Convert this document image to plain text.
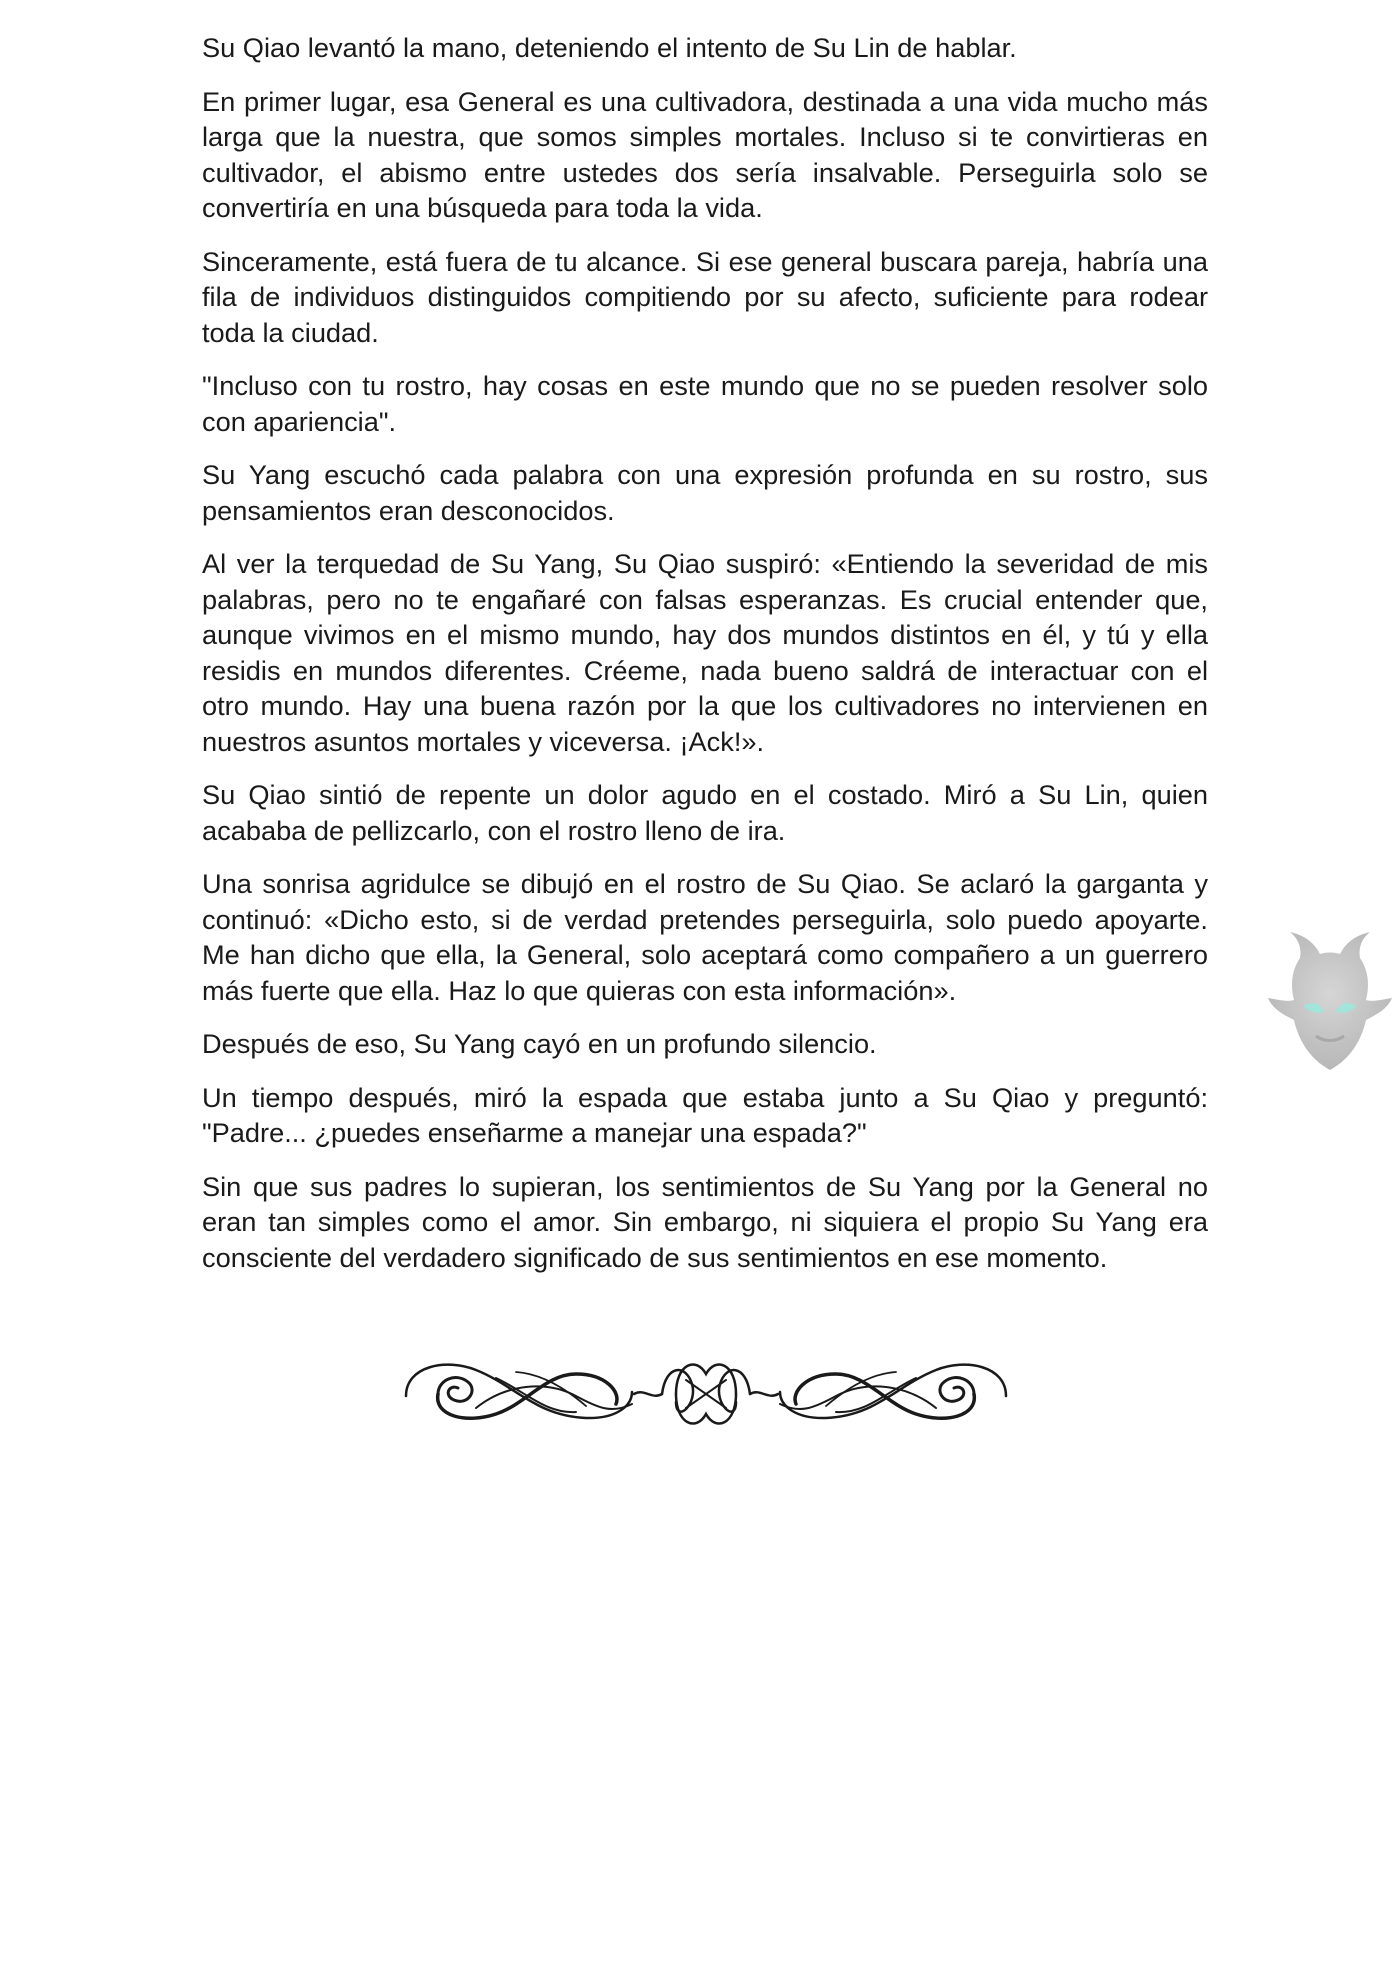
Su Qiao levantó la mano, deteniendo el intento de Su Lin de hablar.

En primer lugar, esa General es una cultivadora, destinada a una vida mucho más larga que la nuestra, que somos simples mortales. Incluso si te convirtieras en cultivador, el abismo entre ustedes dos sería insalvable. Perseguirla solo se convertiría en una búsqueda para toda la vida.

Sinceramente, está fuera de tu alcance. Si ese general buscara pareja, habría una fila de individuos distinguidos compitiendo por su afecto, suficiente para rodear toda la ciudad.

"Incluso con tu rostro, hay cosas en este mundo que no se pueden resolver solo con apariencia".

Su Yang escuchó cada palabra con una expresión profunda en su rostro, sus pensamientos eran desconocidos.

Al ver la terquedad de Su Yang, Su Qiao suspiró: «Entiendo la severidad de mis palabras, pero no te engañaré con falsas esperanzas. Es crucial entender que, aunque vivimos en el mismo mundo, hay dos mundos distintos en él, y tú y ella residis en mundos diferentes. Créeme, nada bueno saldrá de interactuar con el otro mundo. Hay una buena razón por la que los cultivadores no intervienen en nuestros asuntos mortales y viceversa. ¡Ack!».

Su Qiao sintió de repente un dolor agudo en el costado. Miró a Su Lin, quien acababa de pellizcarlo, con el rostro lleno de ira.

Una sonrisa agridulce se dibujó en el rostro de Su Qiao. Se aclaró la garganta y continuó: «Dicho esto, si de verdad pretendes perseguirla, solo puedo apoyarte. Me han dicho que ella, la General, solo aceptará como compañero a un guerrero más fuerte que ella. Haz lo que quieras con esta información».

Después de eso, Su Yang cayó en un profundo silencio.

Un tiempo después, miró la espada que estaba junto a Su Qiao y preguntó: "Padre... ¿puedes enseñarme a manejar una espada?"

Sin que sus padres lo supieran, los sentimientos de Su Yang por la General no eran tan simples como el amor. Sin embargo, ni siquiera el propio Su Yang era consciente del verdadero significado de sus sentimientos en ese momento.
